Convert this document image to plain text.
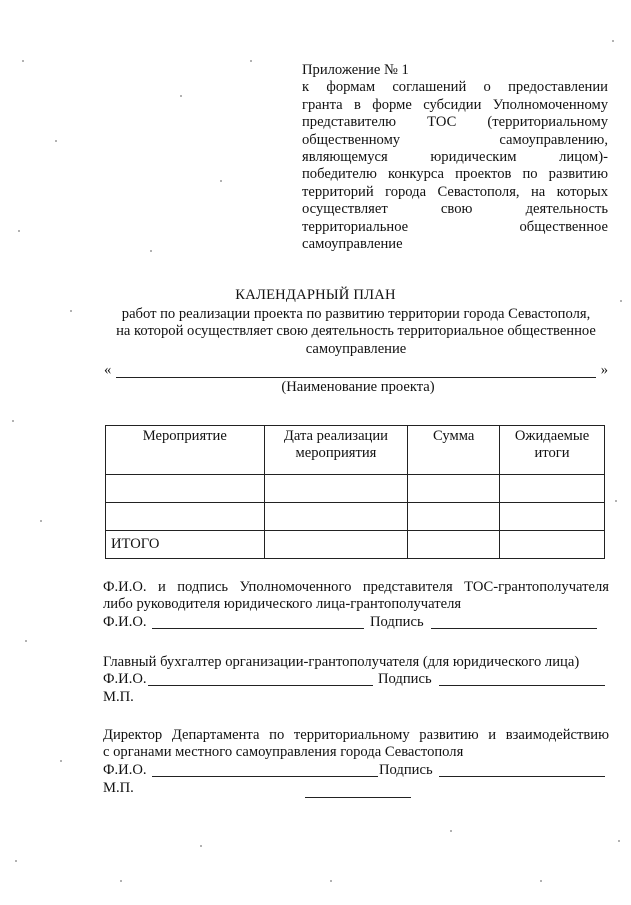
Приложение № 1
к формам соглашений о предоставлении
гранта в форме субсидии Уполномоченному
представителю ТОС (территориальному
общественному самоуправлению,
являющемуся юридическим лицом)-
победителю конкурса проектов по развитию
территорий города Севастополя, на которых
осуществляет свою деятельность
территориальное общественное
самоуправление
КАЛЕНДАРНЫЙ ПЛАН
работ по реализации проекта по развитию территории города Севастополя,
на которой осуществляет свою деятельность территориальное общественное
самоуправление
«	»
(Наименование проекта)
Мероприятие	Дата реализации мероприятия	Сумма	Ожидаемые итоги

ИТОГО			
Ф.И.О. и подпись Уполномоченного представителя ТОС-грантополучателя
либо руководителя юридического лица-грантополучателя
Ф.И.О.	Подпись
Главный бухгалтер организации-грантополучателя (для юридического лица)
Ф.И.О.	Подпись
М.П.
Директор Департамента по территориальному развитию и взаимодействию
с органами местного самоуправления города Севастополя
Ф.И.О.	Подпись
М.П.
